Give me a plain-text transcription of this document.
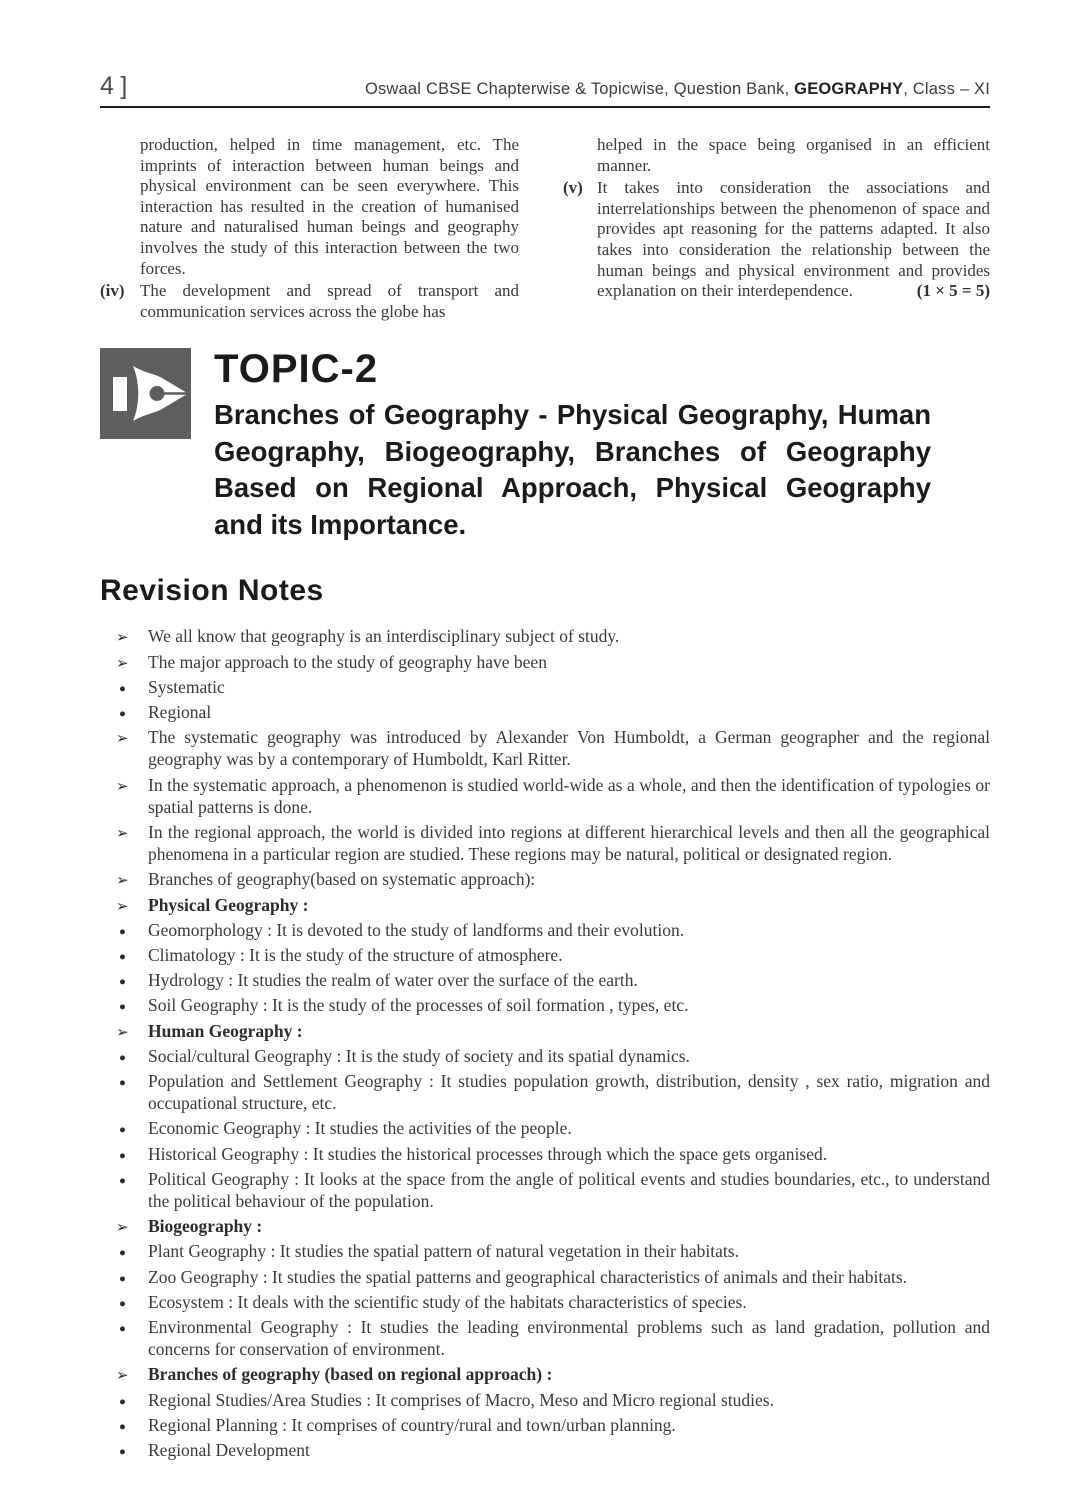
4 ]	Oswaal CBSE Chapterwise & Topicwise, Question Bank, GEOGRAPHY, Class – XI
production, helped in time management, etc. The imprints of interaction between human beings and physical environment can be seen everywhere. This interaction has resulted in the creation of humanised nature and naturalised human beings and geography involves the study of this interaction between the two forces.
(iv) The development and spread of transport and communication services across the globe has
helped in the space being organised in an efficient manner.
(v) It takes into consideration the associations and interrelationships between the phenomenon of space and provides apt reasoning for the patterns adapted. It also takes into consideration the relationship between the human beings and physical environment and provides explanation on their interdependence.	(1 × 5 = 5)
TOPIC-2
Branches of Geography - Physical Geography, Human Geography, Biogeography, Branches of Geography Based on Regional Approach, Physical Geography and its Importance.
Revision Notes
➢
We all know that geography is an interdisciplinary subject of study.
➢
The major approach to the study of geography have been
●
Systematic
●
Regional
➢
The systematic geography was introduced by Alexander Von Humboldt, a German geographer and the regional geography was by a contemporary of Humboldt, Karl Ritter.
➢
In the systematic approach, a phenomenon is studied world-wide as a whole, and then the identification of typologies or spatial patterns is done.
➢
In the regional approach, the world is divided into regions at different hierarchical levels and then all the geographical phenomena in a particular region are studied. These regions may be natural, political or designated region.
➢
Branches of geography(based on systematic approach):
➢
Physical Geography :
●
Geomorphology : It is devoted to the study of landforms and their evolution.
●
Climatology : It is the study of the structure of atmosphere.
●
Hydrology : It studies the realm of water over the surface of the earth.
●
Soil Geography : It is the study of the processes of soil formation , types, etc.
➢
Human Geography :
●
Social/cultural Geography : It is the study of society and its spatial dynamics.
●
Population and Settlement Geography : It studies population growth, distribution, density , sex ratio, migration and occupational structure, etc.
●
Economic Geography : It studies the activities of the people.
●
Historical Geography : It studies the historical processes through which the space gets organised.
●
Political Geography : It looks at the space from the angle of political events and studies boundaries, etc., to understand the political behaviour of the population.
➢
Biogeography :
●
Plant Geography : It studies the spatial pattern of natural vegetation in their habitats.
●
Zoo Geography : It studies the spatial patterns and geographical characteristics of animals and their habitats.
●
Ecosystem : It deals with the scientific study of the habitats characteristics of species.
●
Environmental Geography : It studies the leading environmental problems such as land gradation, pollution and concerns for conservation of environment.
➢
Branches of geography (based on regional approach) :
●
Regional Studies/Area Studies : It comprises of Macro, Meso and Micro regional studies.
●
Regional Planning : It comprises of country/rural and town/urban planning.
●
Regional Development
